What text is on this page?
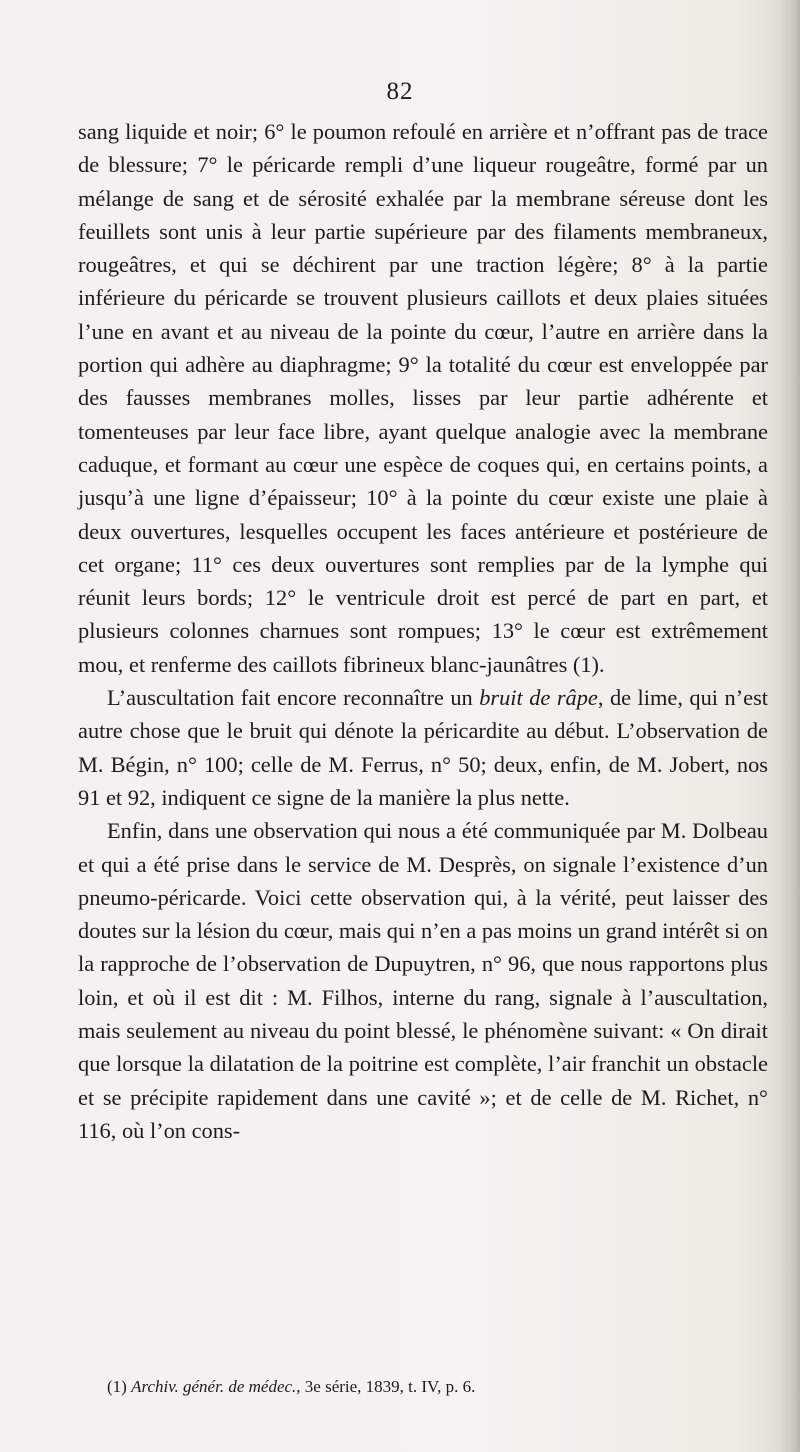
82

sang liquide et noir; 6° le poumon refoulé en arrière et n’offrant pas de trace de blessure; 7° le péricarde rempli d’une liqueur rougeâtre, formé par un mélange de sang et de sérosité exhalée par la membrane séreuse dont les feuillets sont unis à leur partie supérieure par des filaments membraneux, rougeâtres, et qui se déchirent par une traction légère; 8° à la partie inférieure du péricarde se trouvent plusieurs caillots et deux plaies situées l’une en avant et au niveau de la pointe du cœur, l’autre en arrière dans la portion qui adhère au diaphragme; 9° la totalité du cœur est enveloppée par des fausses membranes molles, lisses par leur partie adhérente et tomenteuses par leur face libre, ayant quelque analogie avec la membrane caduque, et formant au cœur une espèce de coques qui, en certains points, a jusqu’à une ligne d’épaisseur; 10° à la pointe du cœur existe une plaie à deux ouvertures, lesquelles occupent les faces antérieure et postérieure de cet organe; 11° ces deux ouvertures sont remplies par de la lymphe qui réunit leurs bords; 12° le ventricule droit est percé de part en part, et plusieurs colonnes charnues sont rompues; 13° le cœur est extrêmement mou, et renferme des caillots fibrineux blanc-jaunâtres (1).

L’auscultation fait encore reconnaître un bruit de râpe, de lime, qui n’est autre chose que le bruit qui dénote la péricardite au début. L’observation de M. Bégin, n° 100; celle de M. Ferrus, n° 50; deux, enfin, de M. Jobert, nos 91 et 92, indiquent ce signe de la manière la plus nette.

Enfin, dans une observation qui nous a été communiquée par M. Dolbeau et qui a été prise dans le service de M. Desprès, on signale l’existence d’un pneumo-péricarde. Voici cette observation qui, à la vérité, peut laisser des doutes sur la lésion du cœur, mais qui n’en a pas moins un grand intérêt si on la rapproche de l’observation de Dupuytren, n° 96, que nous rapportons plus loin, et où il est dit : M. Filhos, interne du rang, signale à l’auscultation, mais seulement au niveau du point blessé, le phénomène suivant: « On dirait que lorsque la dilatation de la poitrine est complète, l’air franchit un obstacle et se précipite rapidement dans une cavité »; et de celle de M. Richet, n° 116, où l’on cons-

(1) Archiv. génér. de médec., 3e série, 1839, t. IV, p. 6.
